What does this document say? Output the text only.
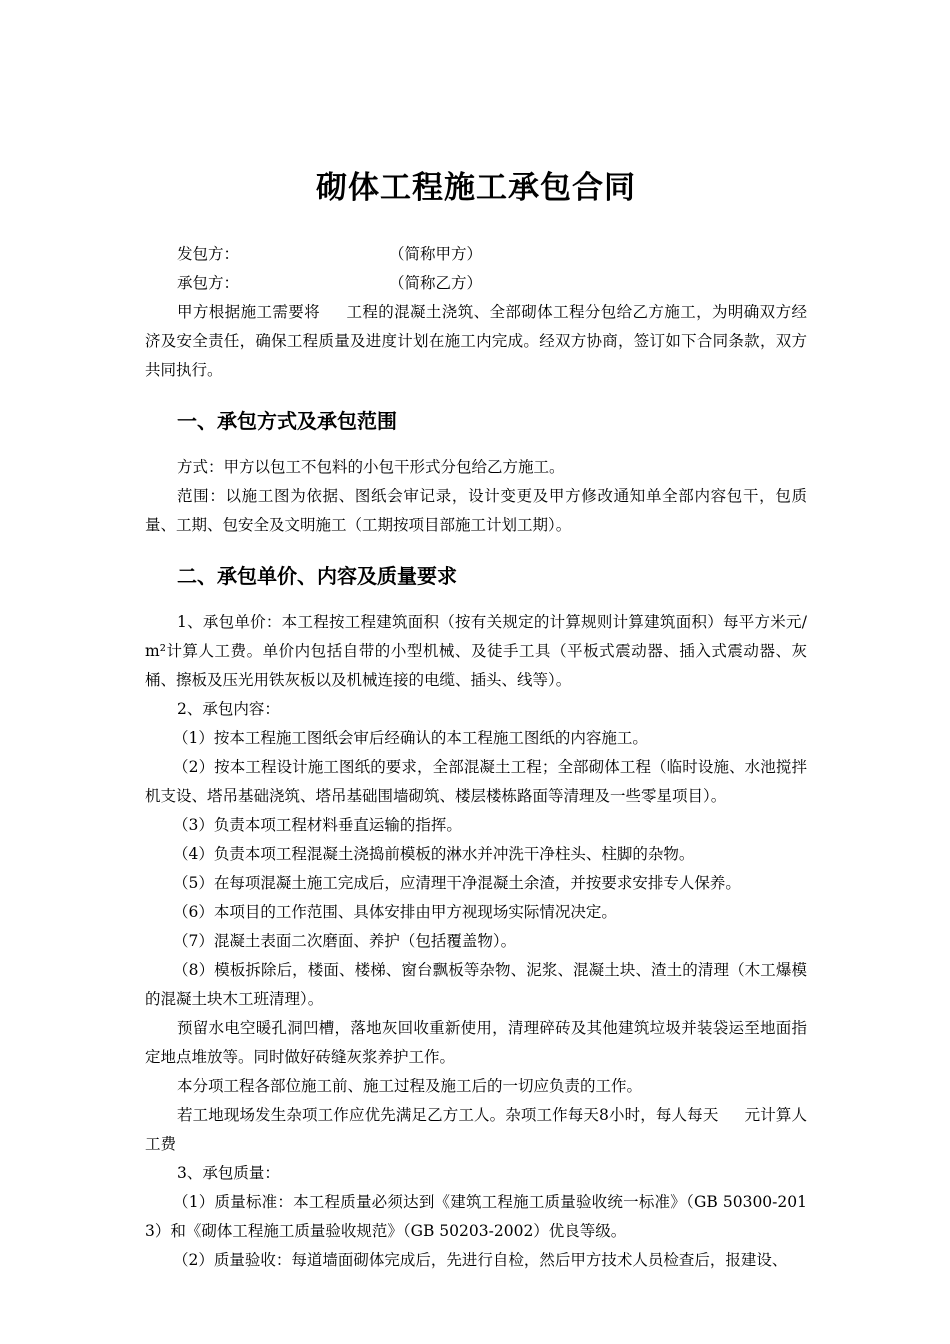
砌体工程施工承包合同

发包方：	（简称甲方）

承包方：	（简称乙方）

甲方根据施工需要将 工程的混凝土浇筑、全部砌体工程分包给乙方施工，为明确双方经济及安全责任，确保工程质量及进度计划在施工内完成。经双方协商，签订如下合同条款，双方共同执行。

一、承包方式及承包范围

方式：甲方以包工不包料的小包干形式分包给乙方施工。

范围：以施工图为依据、图纸会审记录，设计变更及甲方修改通知单全部内容包干，包质量、工期、包安全及文明施工（工期按项目部施工计划工期）。

二、承包单价、内容及质量要求

1、承包单价：本工程按工程建筑面积（按有关规定的计算规则计算建筑面积）每平方米元/m²计算人工费。单价内包括自带的小型机械、及徒手工具（平板式震动器、插入式震动器、灰桶、擦板及压光用铁灰板以及机械连接的电缆、插头、线等）。

2、承包内容：

（1）按本工程施工图纸会审后经确认的本工程施工图纸的内容施工。

（2）按本工程设计施工图纸的要求，全部混凝土工程；全部砌体工程（临时设施、水池搅拌机支设、塔吊基础浇筑、塔吊基础围墙砌筑、楼层楼栋路面等清理及一些零星项目）。

（3）负责本项工程材料垂直运输的指挥。

（4）负责本项工程混凝土浇捣前模板的淋水并冲洗干净柱头、柱脚的杂物。

（5）在每项混凝土施工完成后，应清理干净混凝土余渣，并按要求安排专人保养。

（6）本项目的工作范围、具体安排由甲方视现场实际情况决定。

（7）混凝土表面二次磨面、养护（包括覆盖物）。

（8）模板拆除后，楼面、楼梯、窗台飘板等杂物、泥浆、混凝土块、渣土的清理（木工爆模的混凝土块木工班清理）。

预留水电空暖孔洞凹槽，落地灰回收重新使用，清理碎砖及其他建筑垃圾并装袋运至地面指定地点堆放等。同时做好砖缝灰浆养护工作。

本分项工程各部位施工前、施工过程及施工后的一切应负责的工作。

若工地现场发生杂项工作应优先满足乙方工人。杂项工作每天8小时，每人每天 元计算人工费

3、承包质量：

（1）质量标准：本工程质量必须达到《建筑工程施工质量验收统一标准》（GB 50300-2013）和《砌体工程施工质量验收规范》（GB 50203-2002）优良等级。

（2）质量验收：每道墙面砌体完成后，先进行自检，然后甲方技术人员检查后，报建设、
